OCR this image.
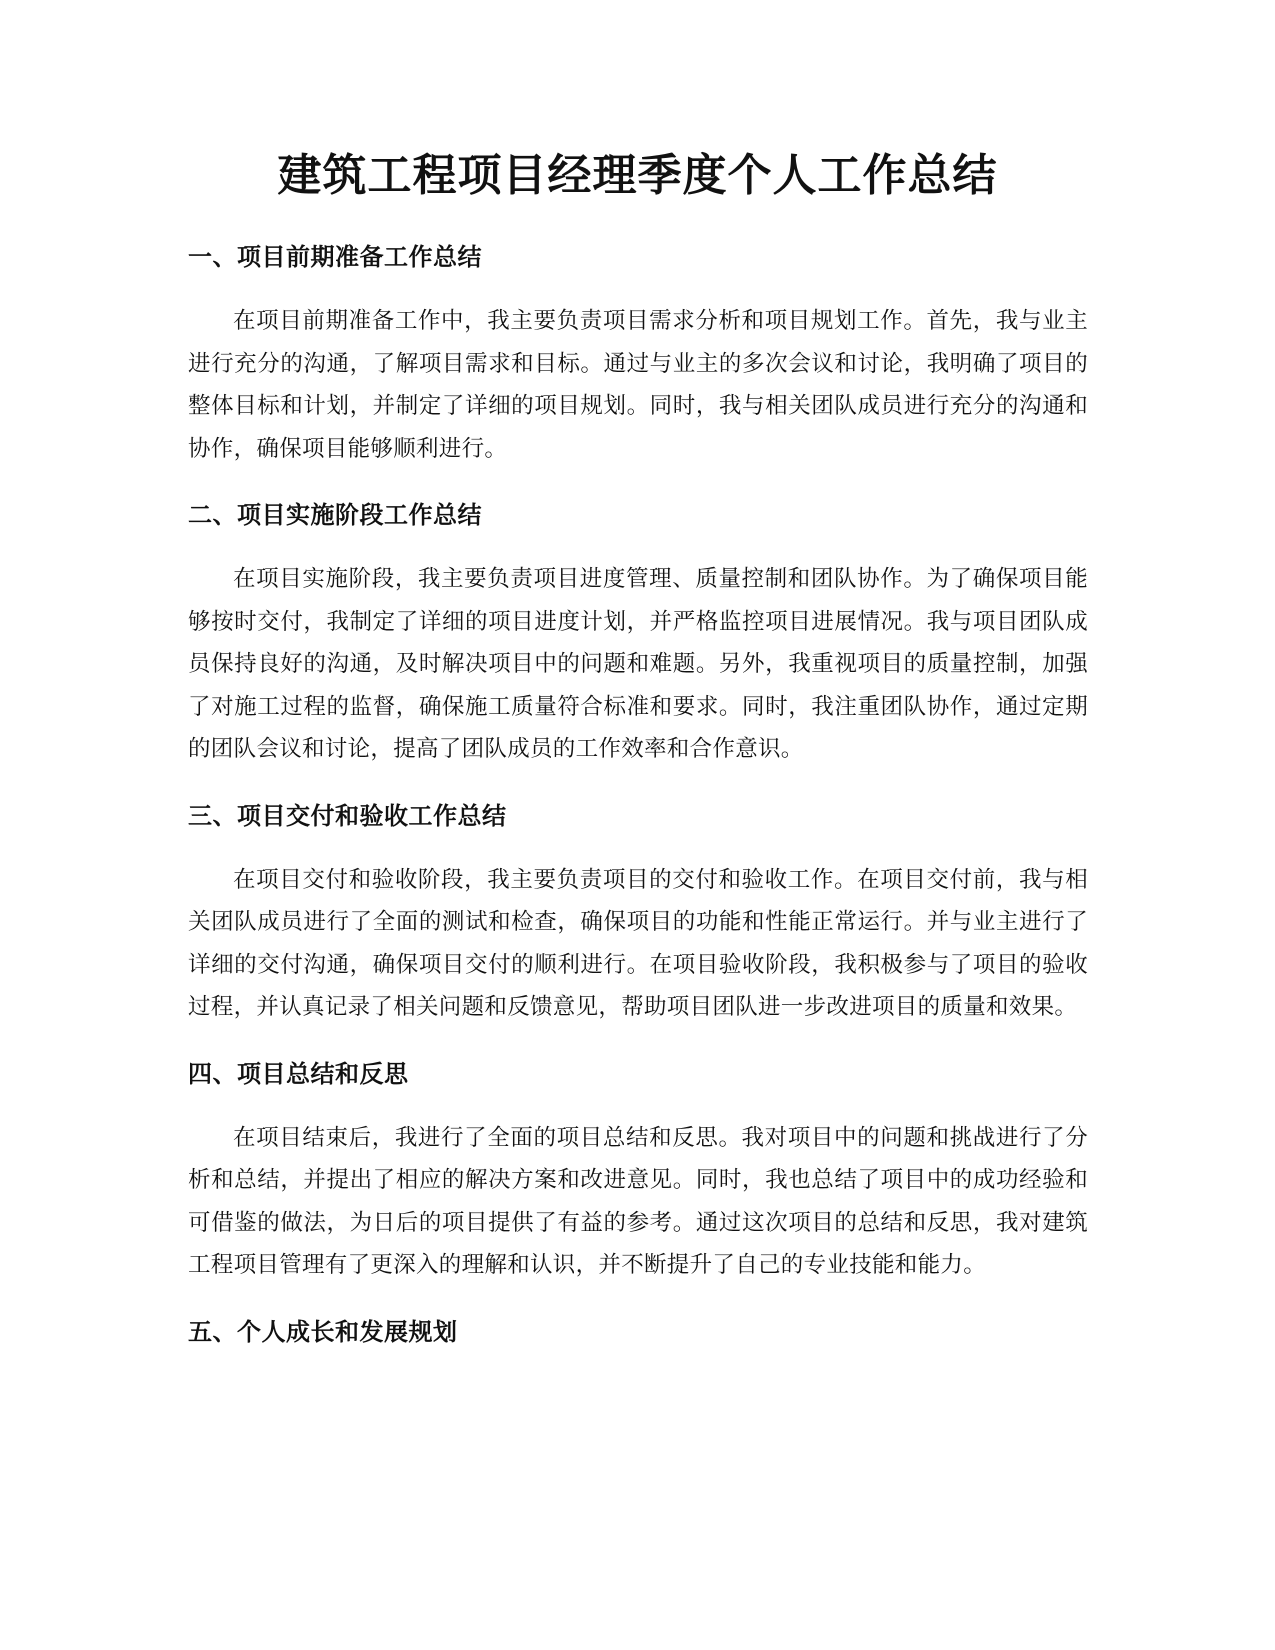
建筑工程项目经理季度个人工作总结
一、项目前期准备工作总结

在项目前期准备工作中，我主要负责项目需求分析和项目规划工作。首先，我与业主进行充分的沟通，了解项目需求和目标。通过与业主的多次会议和讨论，我明确了项目的整体目标和计划，并制定了详细的项目规划。同时，我与相关团队成员进行充分的沟通和协作，确保项目能够顺利进行。

二、项目实施阶段工作总结

在项目实施阶段，我主要负责项目进度管理、质量控制和团队协作。为了确保项目能够按时交付，我制定了详细的项目进度计划，并严格监控项目进展情况。我与项目团队成员保持良好的沟通，及时解决项目中的问题和难题。另外，我重视项目的质量控制，加强了对施工过程的监督，确保施工质量符合标准和要求。同时，我注重团队协作，通过定期的团队会议和讨论，提高了团队成员的工作效率和合作意识。

三、项目交付和验收工作总结

在项目交付和验收阶段，我主要负责项目的交付和验收工作。在项目交付前，我与相关团队成员进行了全面的测试和检查，确保项目的功能和性能正常运行。并与业主进行了详细的交付沟通，确保项目交付的顺利进行。在项目验收阶段，我积极参与了项目的验收过程，并认真记录了相关问题和反馈意见，帮助项目团队进一步改进项目的质量和效果。

四、项目总结和反思

在项目结束后，我进行了全面的项目总结和反思。我对项目中的问题和挑战进行了分析和总结，并提出了相应的解决方案和改进意见。同时，我也总结了项目中的成功经验和可借鉴的做法，为日后的项目提供了有益的参考。通过这次项目的总结和反思，我对建筑工程项目管理有了更深入的理解和认识，并不断提升了自己的专业技能和能力。

五、个人成长和发展规划
